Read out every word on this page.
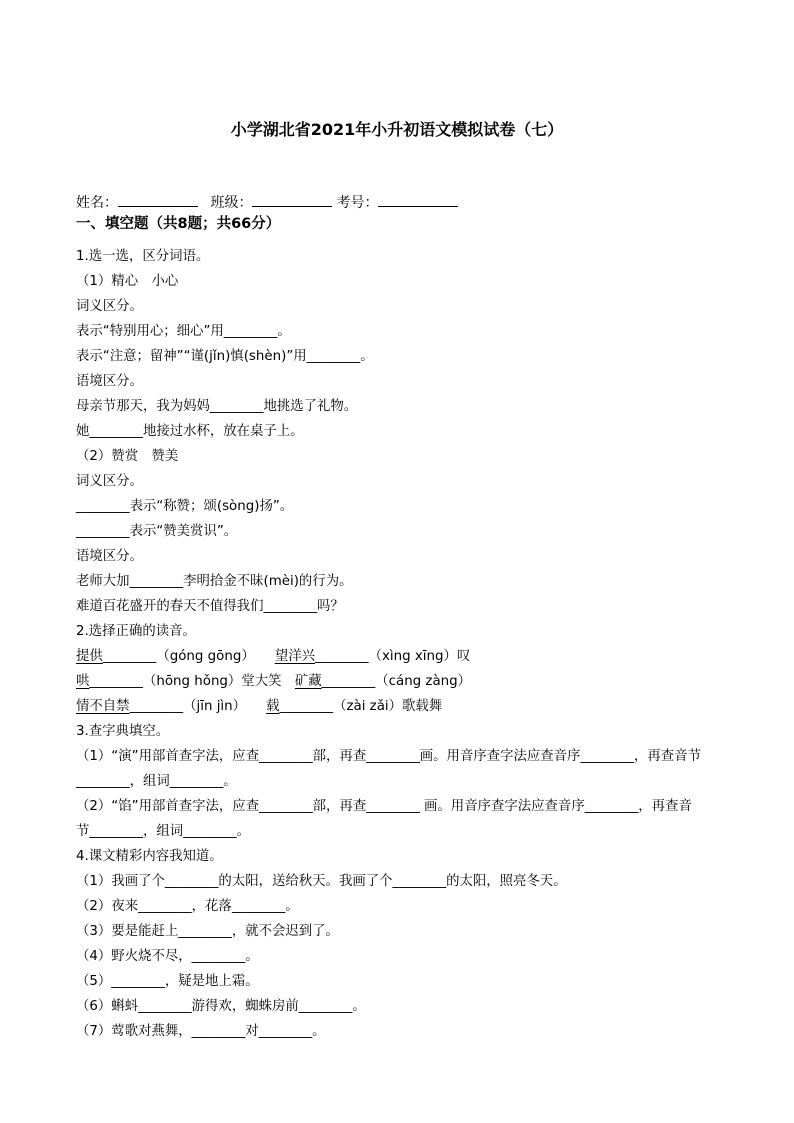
小学湖北省2021年小升初语文模拟试卷（七）
姓名：	班级：	考号：
一、填空题（共8题；共66分）
1.选一选，区分词语。
（1）精心　小心
词义区分。
表示“特别用心；细心”用________。
表示“注意；留神”“谨(jǐn)慎(shèn)”用________。
语境区分。
母亲节那天，我为妈妈________地挑选了礼物。
她________地接过水杯，放在桌子上。
（2）赞赏　赞美
词义区分。
________表示“称赞；颂(sòng)扬”。
________表示“赞美赏识”。
语境区分。
老师大加________李明拾金不昧(mèi)的行为。
难道百花盛开的春天不值得我们________吗？
2.选择正确的读音。
提供________（góng gōng）　　望洋兴________（xìng xīng）叹
哄________（hōng hǒng）堂大笑　矿藏________（cáng zàng）
情不自禁________（jīn jìn）　　载________（zài zǎi）歌载舞
3.查字典填空。
（1）“演”用部首查字法，应查________部，再查________画。用音序查字法应查音序________，再查音节
________，组词________。
（2）“馅”用部首查字法，应查________部，再查________ 画。用音序查字法应查音序________，再查音
节________，组词________。
4.课文精彩内容我知道。
（1）我画了个________的太阳，送给秋天。我画了个________的太阳，照亮冬天。
（2）夜来________，花落________。
（3）要是能赶上________，就不会迟到了。
（4）野火烧不尽，________。
（5）________，疑是地上霜。
（6）蝌蚪________游得欢，蜘蛛房前________。
（7）莺歌对燕舞，________对________。
